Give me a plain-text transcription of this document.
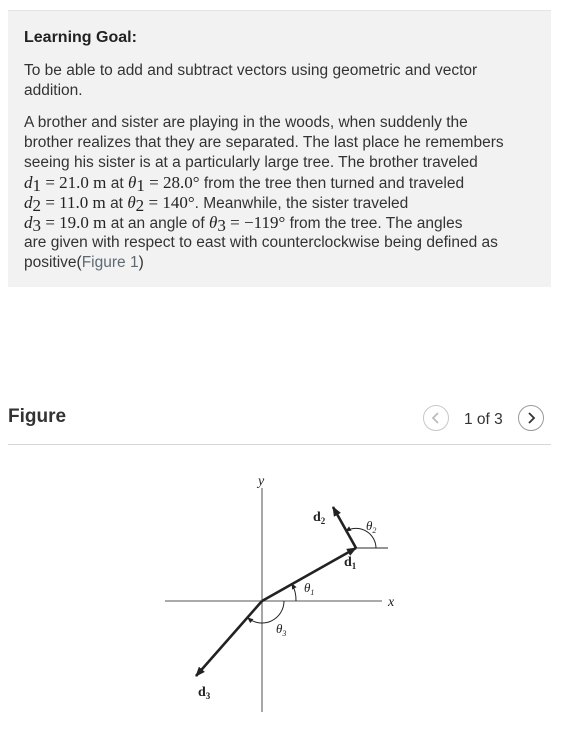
Learning Goal:
To be able to add and subtract vectors using geometric and vector addition.
A brother and sister are playing in the woods, when suddenly the
brother realizes that they are separated. The last place he remembers
seeing his sister is at a particularly large tree. The brother traveled
$d_1 = 21.0$ m at $\theta_1 = 28.0^\circ$ from the tree then turned and traveled
$d_2 = 11.0$ m at $\theta_2 = 140^\circ$. Meanwhile, the sister traveled
$d_3 = 19.0$ m at an angle of $\theta_3 = -119^\circ$ from the tree. The angles
are given with respect to east with counterclockwise being defined as
positive(Figure 1)
Figure	1 of 3
y
x
$d_1$
$d_2$
$d_3$
$\theta_1$
$\theta_2$
$\theta_3$
